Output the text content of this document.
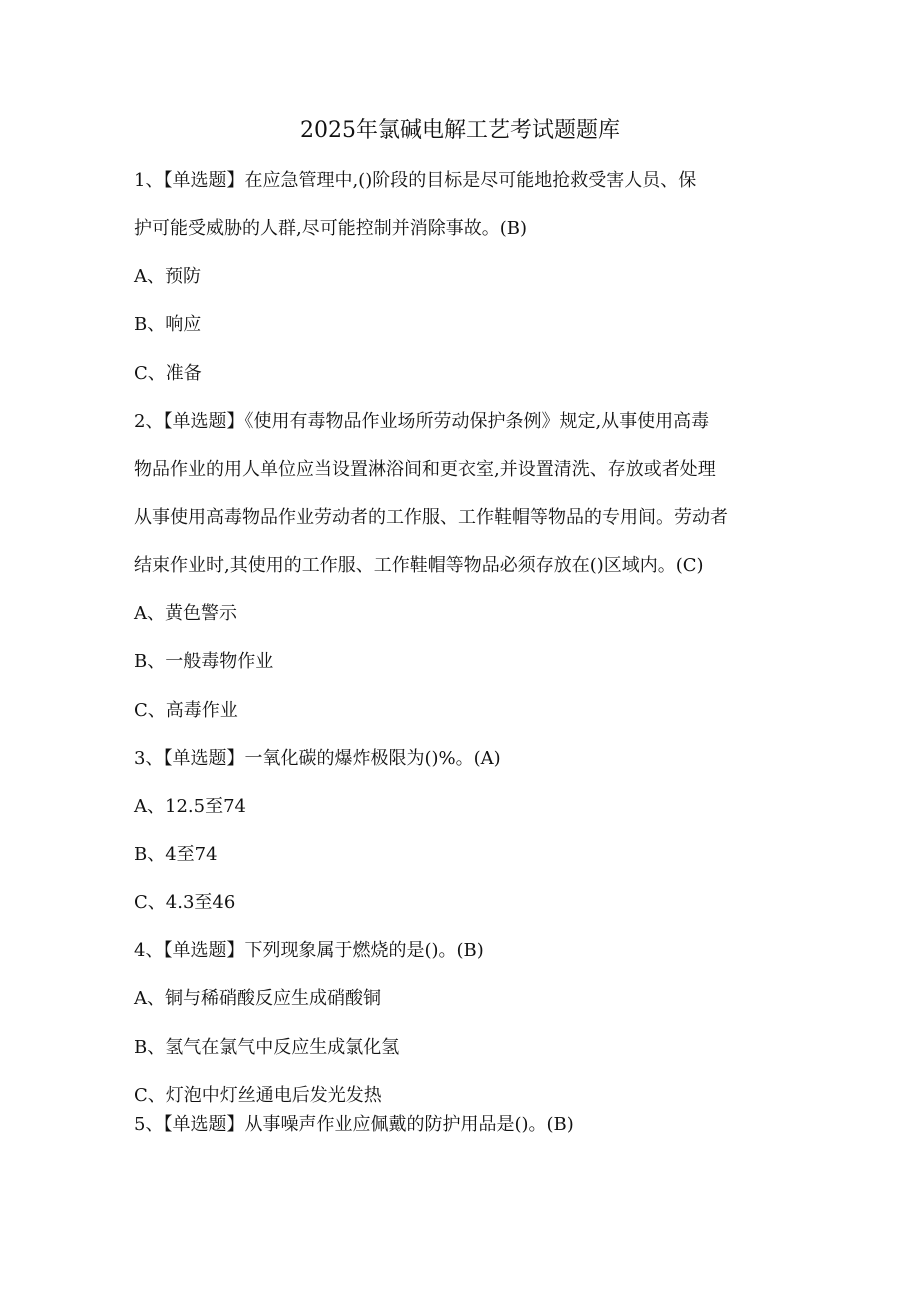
2025年氯碱电解工艺考试题题库
1、【单选题】在应急管理中,()阶段的目标是尽可能地抢救受害人员、保
护可能受威胁的人群,尽可能控制并消除事故。(B)
A、预防
B、响应
C、准备
2、【单选题】《使用有毒物品作业场所劳动保护条例》规定,从事使用高毒
物品作业的用人单位应当设置淋浴间和更衣室,并设置清洗、存放或者处理
从事使用高毒物品作业劳动者的工作服、工作鞋帽等物品的专用间。劳动者
结束作业时,其使用的工作服、工作鞋帽等物品必须存放在()区域内。(C)
A、黄色警示
B、一般毒物作业
C、高毒作业
3、【单选题】一氧化碳的爆炸极限为()%。(A)
A、12.5至74
B、4至74
C、4.3至46
4、【单选题】下列现象属于燃烧的是()。(B)
A、铜与稀硝酸反应生成硝酸铜
B、氢气在氯气中反应生成氯化氢
C、灯泡中灯丝通电后发光发热
5、【单选题】从事噪声作业应佩戴的防护用品是()。(B)
